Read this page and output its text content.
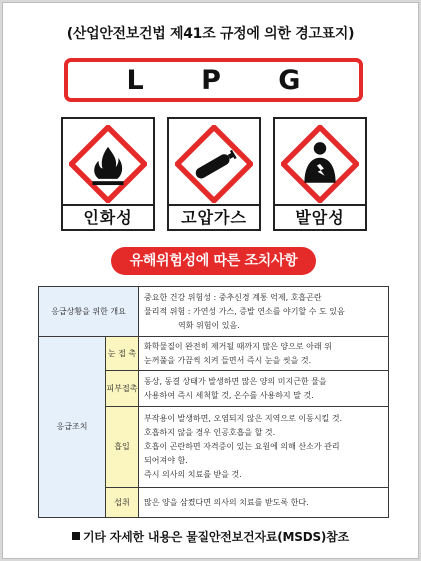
(산업안전보건법 제41조 규정에 의한 경고표지)
L P G
인화성	고압가스	발암성
유해위험성에 따른 조치사항
응급상황을 위한 개요		중요한 건강 위험성 : 중추신경 계통 억제, 호흡곤란

물리적 위험 : 가연성 가스, 증발 연소를 야기할 수 도 있음

역화 위험이 있음.

응급조치	눈 접 촉	화학물질이 완전히 제거될 때까지 많은 양으로 아래 위

눈꺼풀을 가끔씩 치켜 들면서 즉시 눈을 씻을 것.

	피부접촉	동상, 동결 상태가 발생하면 많은 양의 미지근한 물을

사용하여 즉시 세척할 것, 온수를 사용하지 말 것.

	흡입	부작용이 발생하면, 오염되지 않은 지역으로 이동시킬 것.

호흡하지 않을 경우 인공호흡을 할 것.

호흡이 곤란하면 자격증이 있는 요원에 의해 산소가 관리

되어져야 함.

즉시 의사의 치료를 받을 것.

	섭취	많은 양을 삼켰다면 의사의 치료를 받도록 한다.

기타 자세한 내용은 물질안전보건자료(MSDS)참조
